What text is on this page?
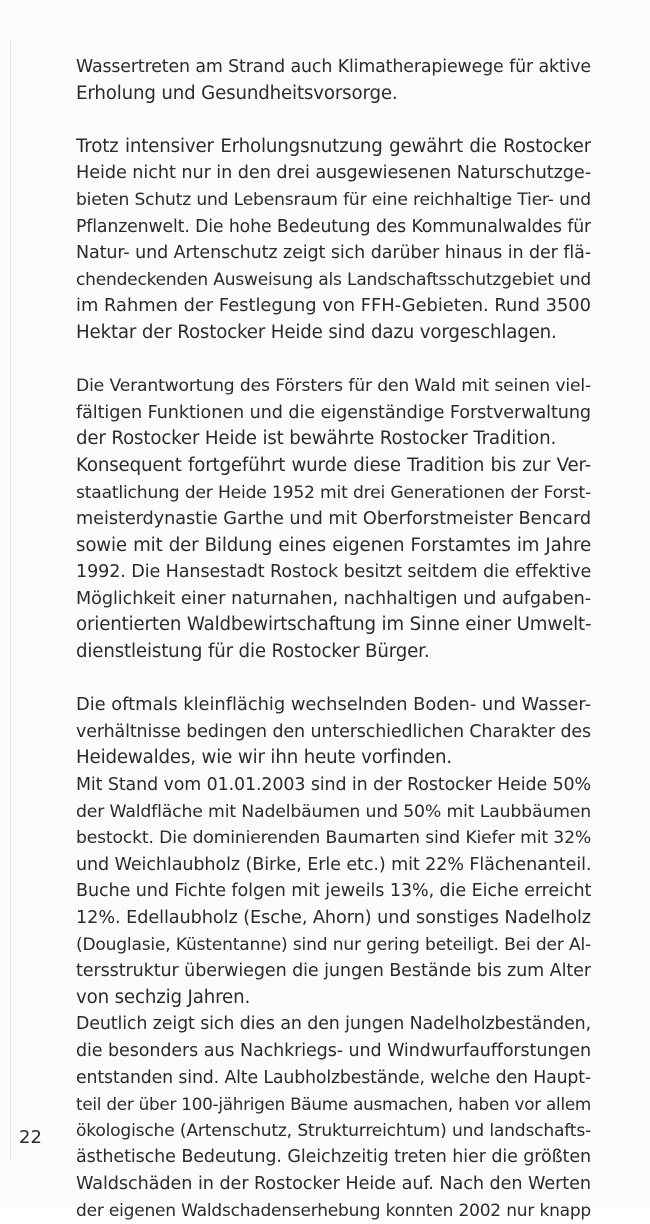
Wassertreten am Strand auch Klimatherapiewege für aktive
Erholung und Gesundheitsvorsorge.
Trotz intensiver Erholungsnutzung gewährt die Rostocker
Heide nicht nur in den drei ausgewiesenen Naturschutzge-
bieten Schutz und Lebensraum für eine reichhaltige Tier- und
Pflanzenwelt. Die hohe Bedeutung des Kommunalwaldes für
Natur- und Artenschutz zeigt sich darüber hinaus in der flä-
chendeckenden Ausweisung als Landschaftsschutzgebiet und
im Rahmen der Festlegung von FFH-Gebieten. Rund 3500
Hektar der Rostocker Heide sind dazu vorgeschlagen.
Die Verantwortung des Försters für den Wald mit seinen viel-
fältigen Funktionen und die eigenständige Forstverwaltung
der Rostocker Heide ist bewährte Rostocker Tradition.
Konsequent fortgeführt wurde diese Tradition bis zur Ver-
staatlichung der Heide 1952 mit drei Generationen der Forst-
meisterdynastie Garthe und mit Oberforstmeister Bencard
sowie mit der Bildung eines eigenen Forstamtes im Jahre
1992. Die Hansestadt Rostock besitzt seitdem die effektive
Möglichkeit einer naturnahen, nachhaltigen und aufgaben-
orientierten Waldbewirtschaftung im Sinne einer Umwelt-
dienstleistung für die Rostocker Bürger.
Die oftmals kleinflächig wechselnden Boden- und Wasser-
verhältnisse bedingen den unterschiedlichen Charakter des
Heidewaldes, wie wir ihn heute vorfinden.
Mit Stand vom 01.01.2003 sind in der Rostocker Heide 50%
der Waldfläche mit Nadelbäumen und 50% mit Laubbäumen
bestockt. Die dominierenden Baumarten sind Kiefer mit 32%
und Weichlaubholz (Birke, Erle etc.) mit 22% Flächenanteil.
Buche und Fichte folgen mit jeweils 13%, die Eiche erreicht
12%. Edellaubholz (Esche, Ahorn) und sonstiges Nadelholz
(Douglasie, Küstentanne) sind nur gering beteiligt. Bei der Al-
tersstruktur überwiegen die jungen Bestände bis zum Alter
von sechzig Jahren.
Deutlich zeigt sich dies an den jungen Nadelholzbeständen,
die besonders aus Nachkriegs- und Windwurfaufforstungen
entstanden sind. Alte Laubholzbestände, welche den Haupt-
teil der über 100-jährigen Bäume ausmachen, haben vor allem
ökologische (Artenschutz, Strukturreichtum) und landschafts-
ästhetische Bedeutung. Gleichzeitig treten hier die größten
Waldschäden in der Rostocker Heide auf. Nach den Werten
der eigenen Waldschadenserhebung konnten 2002 nur knapp
22
